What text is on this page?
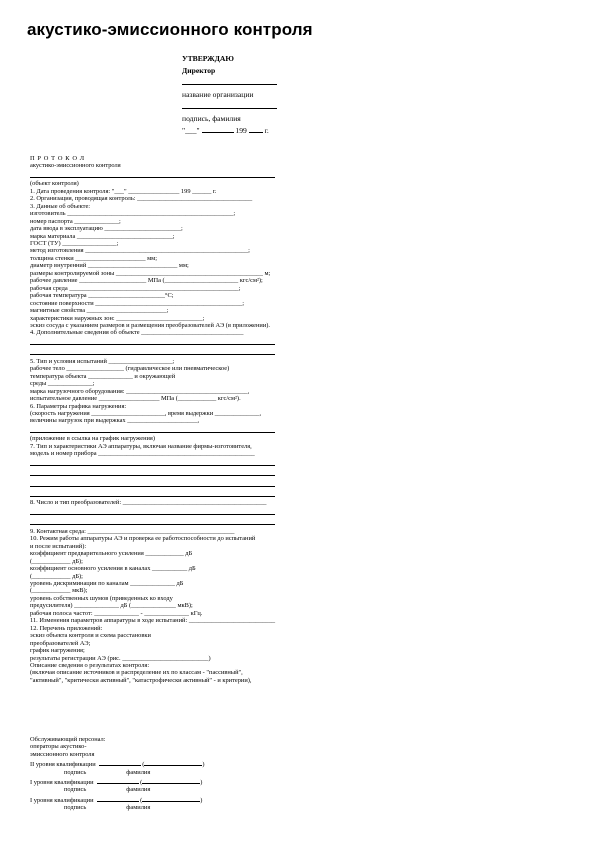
акустико-эмиссионного контроля
УТВЕРЖДАЮ
Директор
название организации
подпись, фамилия
"___"	199 г.
П Р О Т О К О Л
акустико-эмиссионного контроля
(объект контроля)
1. Дата проведения контроля: "___" ________________ 199 ______ г.
2. Организация, проводящая контроль: ____________________________________
3. Данные об объекте:
изготовитель ____________________________________________________;
номер паспорта ______________;
дата ввода в эксплуатацию ________________________;
марка материала ______________________________;
ГОСТ (ТУ) _________________;
метод изготовления ___________________________________________________;
толщина стенки ______________________ мм;
диаметр внутренний ____________________________ мм;
размеры контролируемой зоны ______________________________________________ м;
рабочее давление _____________________ МПа (_______________________ кгс/см²);
рабочая среда _____________________________________________________;
рабочая температура ________________________°С;
состояние поверхности ______________________________________________;
магнитные свойства _________________________;
характеристики наружных зон: ___________________________;
эскиз сосуда с указанием размеров и размещения преобразователей АЭ (в приложении).
4. Дополнительные сведения об объекте ________________________________
5. Тип и условия испытаний ____________________;
рабочее тело __________________ (гидравлическое или пневматическое)
температура объекта ______________ и окружающей
среды ______________;
марка нагрузочного оборудования: ______________________________________,
испытательное давление ___________________ МПа (____________ кгс/см²).
6. Параметры графика нагружения:
(скорость нагружения _______________________, время выдержки ______________,
величины нагрузок при выдержках ______________________,
(приложение в ссылка на график нагружения)
7. Тип и характеристики АЭ аппаратуры, включая название фирмы-изготовителя,
модель и номер прибора _________________________________________________
8. Число и тип преобразователей: _____________________________________________
9. Контактная среда: ______________________________________________
10. Режим работы аппаратуры АЭ и проверка ее работоспособности до испытаний
и после испытаний):
коэффициент предварительного усиления ____________ дБ
(____________ дБ);
коэффициент основного усиления в каналах ___________ дБ
(____________ дБ);
уровень дискриминации по каналам ______________ дБ
(____________ мкВ);
уровень собственных шумов (приведенных ко входу
предусилителя) ______________ дБ (______________ мкВ);
рабочая полоса частот: ______________ - ______________ кГц.
11. Изменения параметров аппаратуры в ходе испытаний: ___________________________
12. Перечень приложений:
эскиз объекта контроля и схема расстановки
преобразователей АЭ;
график нагружения;
результаты регистрации АЭ (рис. ___________________________)
Описание сведения о результатах контроля:
(включая описание источников и распределение их по классам - "пассивный",
"активный", "критически активный", "катастрофически активный" - и критерии),
Обслуживающий персонал:
операторы акустико-
эмиссионного контроля
II уровня квалификации	(	)
подпись	фамилия
I уровня квалификации	(	)
подпись	фамилия
I уровня квалификации	(	)
подпись	фамилия
